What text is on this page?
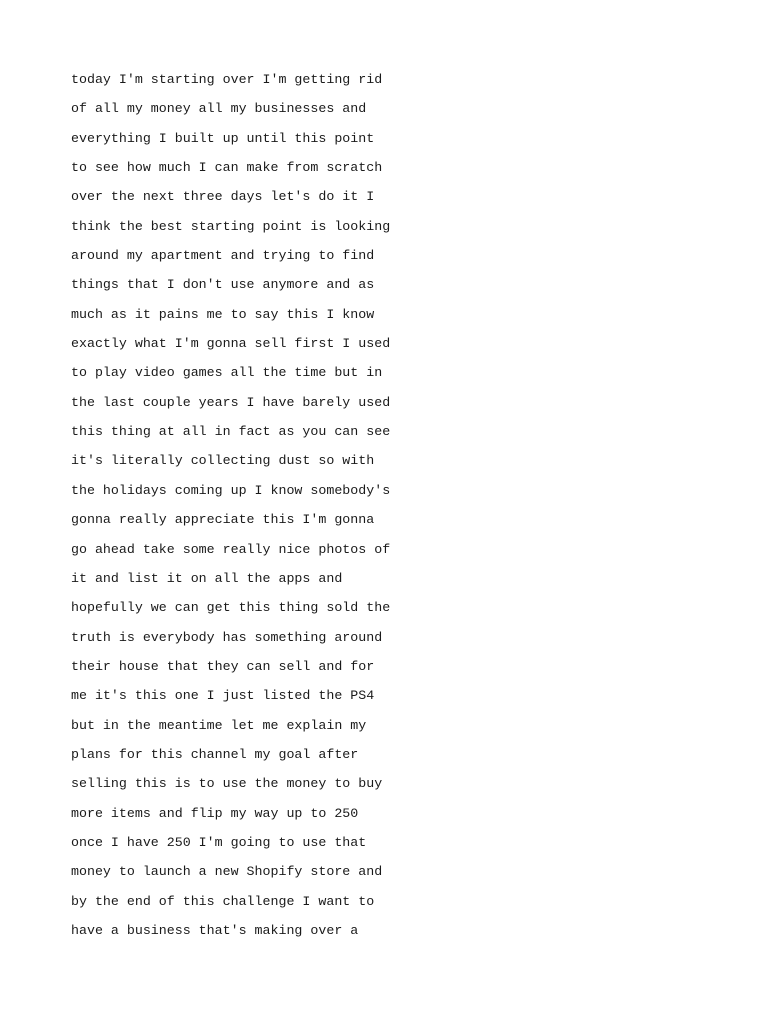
today I'm starting over I'm getting rid
of all my money all my businesses and
everything I built up until this point
to see how much I can make from scratch
over the next three days let's do it I
think the best starting point is looking
around my apartment and trying to find
things that I don't use anymore and as
much as it pains me to say this I know
exactly what I'm gonna sell first I used
to play video games all the time but in
the last couple years I have barely used
this thing at all in fact as you can see
it's literally collecting dust so with
the holidays coming up I know somebody's
gonna really appreciate this I'm gonna
go ahead take some really nice photos of
it and list it on all the apps and
hopefully we can get this thing sold the
truth is everybody has something around
their house that they can sell and for
me it's this one I just listed the PS4
but in the meantime let me explain my
plans for this channel my goal after
selling this is to use the money to buy
more items and flip my way up to 250
once I have 250 I'm going to use that
money to launch a new Shopify store and
by the end of this challenge I want to
have a business that's making over a
